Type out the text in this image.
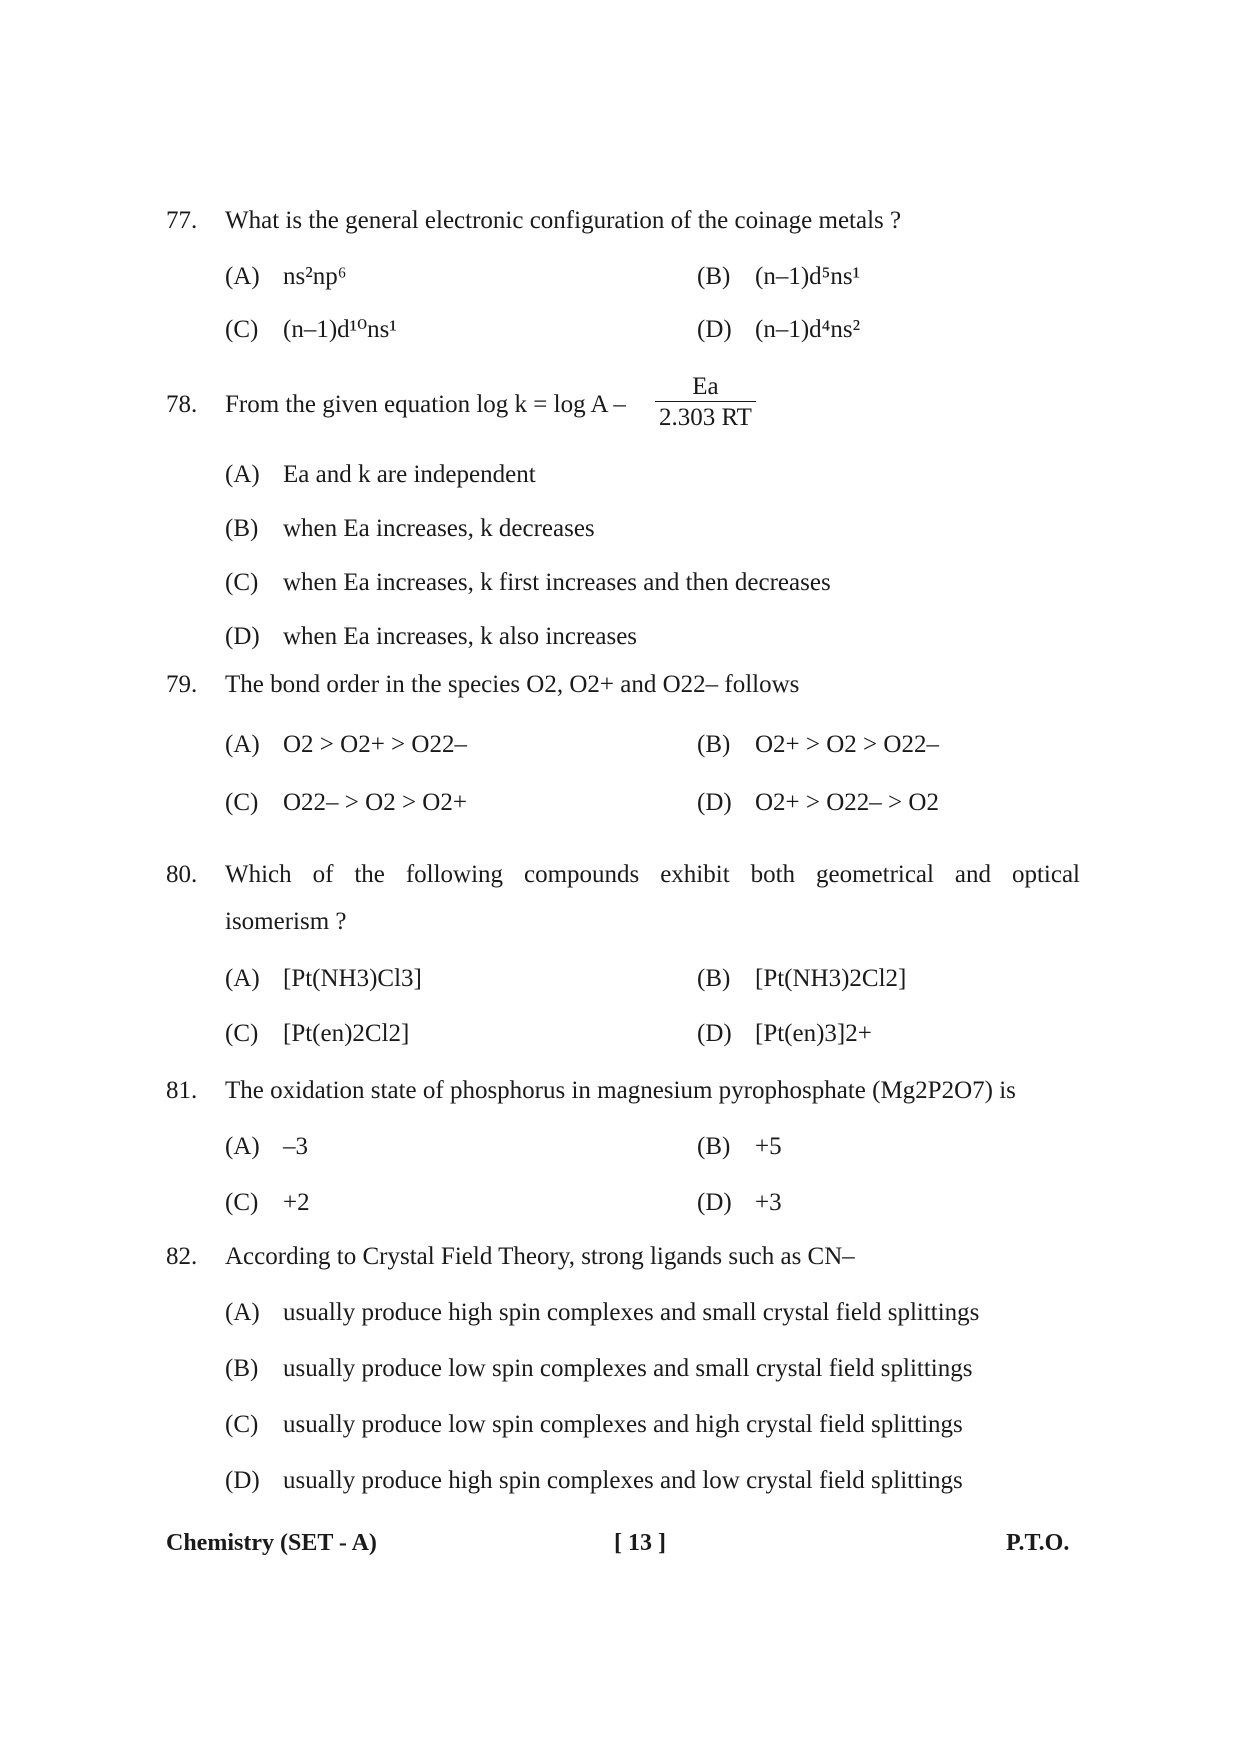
77. What is the general electronic configuration of the coinage metals ?
(A) ns²np⁶	(B) (n–1)d⁵ns¹
(C) (n–1)d¹⁰ns¹	(D) (n–1)d⁴ns²
78. From the given equation $\log k = \log A - \frac{Ea}{2.303 RT}$
(A) Ea and k are independent
(B) when Ea increases, k decreases
(C) when Ea increases, k first increases and then decreases
(D) when Ea increases, k also increases
79. The bond order in the species O2, O2+ and O22– follows
(A) O2 > O2+ > O22–	(B) O2+ > O2 > O22–
(C) O22– > O2 > O2+	(D) O2+ > O22– > O2
80. Which of the following compounds exhibit both geometrical and optical
isomerism ?
(A) [Pt(NH3)Cl3]	(B) [Pt(NH3)2Cl2]
(C) [Pt(en)2Cl2]	(D) [Pt(en)3]2+
81. The oxidation state of phosphorus in magnesium pyrophosphate (Mg2P2O7) is
(A) –3	(B) +5
(C) +2	(D) +3
82. According to Crystal Field Theory, strong ligands such as CN–
(A) usually produce high spin complexes and small crystal field splittings
(B) usually produce low spin complexes and small crystal field splittings
(C) usually produce low spin complexes and high crystal field splittings
(D) usually produce high spin complexes and low crystal field splittings
Chemistry (SET - A)	[ 13 ]	P.T.O.
